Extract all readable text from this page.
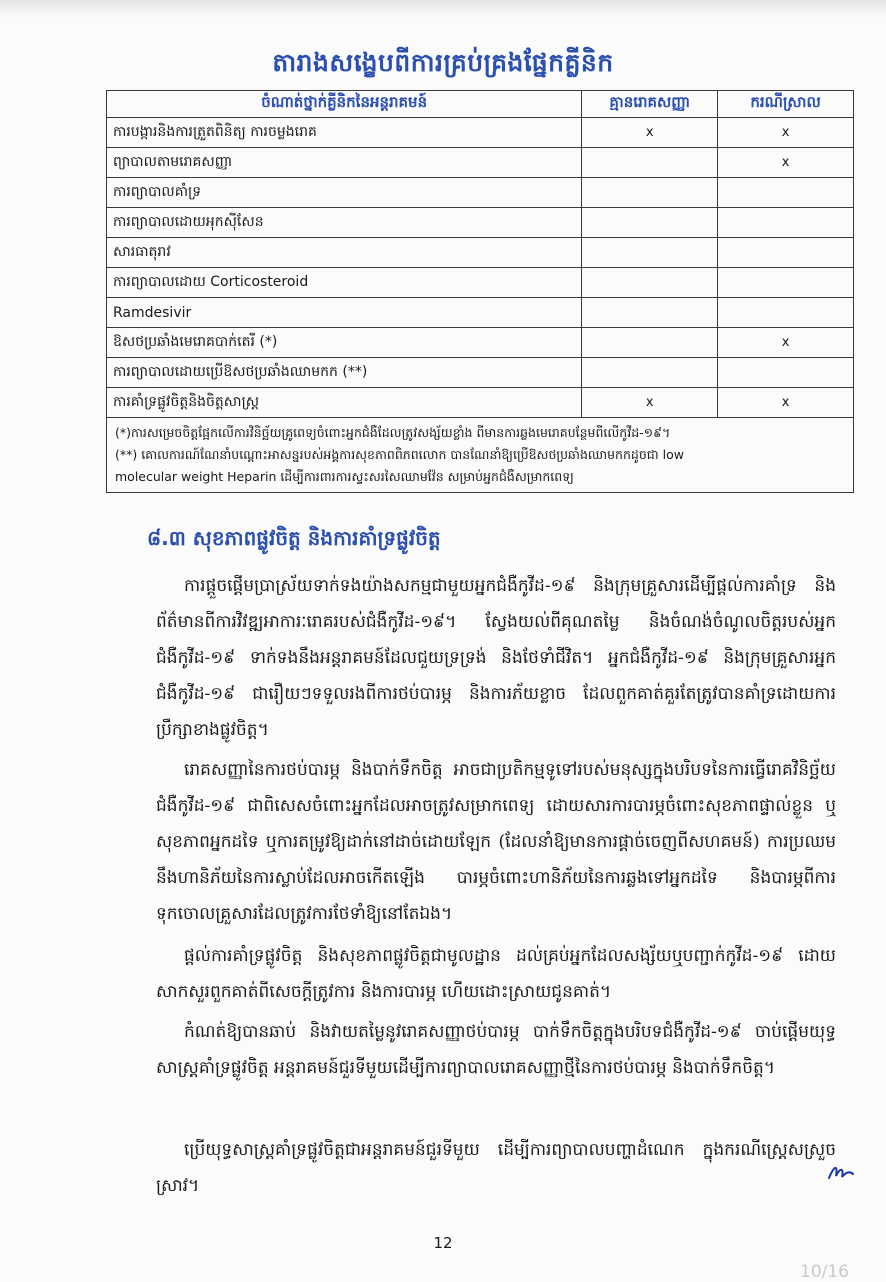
តារាងសង្ខេបពីការគ្រប់គ្រងផ្នែកគ្លីនិក
ចំណាត់ថ្នាក់គ្លីនិកនៃអន្តរាគមន៍	គ្មានរោគសញ្ញា	ករណីស្រាល
ការបង្ការនិងការត្រួតពិនិត្យ ការចម្លងរោគ	x	x
ព្យាបាលតាមរោគសញ្ញា		x
ការព្យាបាលគាំទ្រ		
ការព្យាបាលដោយអុកស៊ីសែន		
សារធាតុរាវ		
ការព្យាបាលដោយ Corticosteroid		
Ramdesivir		
ឱសថប្រឆាំងមេរោគបាក់តេរី (*)		x
ការព្យាបាលដោយប្រើឱសថប្រឆាំងឈាមកក (**)		
ការគាំទ្រផ្លូវចិត្តនិងចិត្តសាស្ត្រ	x	x

(*)ការសម្រេចចិត្តផ្អែកលើការវិនិច្ឆ័យគ្រូពេទ្យចំពោះអ្នកជំងឺដែលត្រូវសង្ស័យខ្លាំង ពីមានការឆ្លងមេរោគបន្ថែមពីលើកូវីដ-១៩។
(**) គោលការណ៍ណែនាំបណ្ដោះអាសន្នរបស់អង្គការសុខភាពពិភពលោក បានណែនាំឱ្យប្រើឱសថប្រឆាំងឈាមកកដូចជា low
molecular weight Heparin ដើម្បីការពារការស្ទះសរសៃឈាមវ៉ែន សម្រាប់អ្នកជំងឺសម្រាកពេទ្យ		
៨.៣ សុខភាពផ្លូវចិត្ត និងការគាំទ្រផ្លូវចិត្ត

ការផ្ដួចផ្ដើមប្រាស្រ័យទាក់ទងយ៉ាងសកម្មជាមួយអ្នកជំងឺកូវីដ-១៩ និងក្រុមគ្រួសារដើម្បីផ្ដល់ការគាំទ្រ និងព័ត៌មានពីការវិវឌ្ឍអាការៈរោគរបស់ជំងឺកូវីដ-១៩។ ស្វែងយល់ពីគុណតម្លៃ និងចំណង់ចំណូលចិត្តរបស់អ្នកជំងឺកូវីដ-១៩ ទាក់ទងនឹងអន្តរាគមន៍ដែលជួយទ្រទ្រង់ និងថែទាំជីវិត។ អ្នកជំងឺកូវីដ-១៩ និងក្រុមគ្រួសារអ្នកជំងឺកូវីដ-១៩ ជារឿយៗទទួលរងពីការថប់បារម្ភ និងការភ័យខ្លាច ដែលពួកគាត់គួរតែត្រូវបានគាំទ្រដោយការប្រឹក្សាខាងផ្លូវចិត្ត។

រោគសញ្ញានៃការថប់បារម្ភ និងបាក់ទឹកចិត្ត អាចជាប្រតិកម្មទូទៅរបស់មនុស្សក្នុងបរិបទនៃការធ្វើរោគវិនិច្ឆ័យជំងឺកូវីដ-១៩ ជាពិសេសចំពោះអ្នកដែលអាចត្រូវសម្រាកពេទ្យ ដោយសារការបារម្ភចំពោះសុខភាពផ្ទាល់ខ្លួន ឬសុខភាពអ្នកដទៃ ឬការតម្រូវឱ្យដាក់នៅដាច់ដោយឡែក (ដែលនាំឱ្យមានការផ្ដាច់ចេញពីសហគមន៍) ការប្រឈមនឹងហានិភ័យនៃការស្លាប់ដែលអាចកើតឡើង បារម្ភចំពោះហានិភ័យនៃការឆ្លងទៅអ្នកដទៃ និងបារម្ភពីការទុកចោលគ្រួសារដែលត្រូវការថែទាំឱ្យនៅតែឯង។

ផ្ដល់ការគាំទ្រផ្លូវចិត្ត និងសុខភាពផ្លូវចិត្តជាមូលដ្ឋាន ដល់គ្រប់អ្នកដែលសង្ស័យឬបញ្ជាក់កូវីដ-១៩ ដោយសាកសួរពួកគាត់ពីសេចក្ដីត្រូវការ និងការបារម្ភ ហើយដោះស្រាយជូនគាត់។

កំណត់ឱ្យបានឆាប់ និងវាយតម្លៃនូវរោគសញ្ញាថប់បារម្ភ បាក់ទឹកចិត្តក្នុងបរិបទជំងឺកូវីដ-១៩ ចាប់ផ្ដើមយុទ្ធសាស្ត្រគាំទ្រផ្លូវចិត្ត អន្តរាគមន៍ជួរទីមួយដើម្បីការព្យាបាលរោគសញ្ញាថ្មីនៃការថប់បារម្ភ និងបាក់ទឹកចិត្ត។

ប្រើយុទ្ធសាស្ត្រគាំទ្រផ្លូវចិត្តជាអន្តរាគមន៍ជួរទីមួយ ដើម្បីការព្យាបាលបញ្ហាដំណេក ក្នុងករណីស្ត្រេសស្រួចស្រាវ។

12
10/16
